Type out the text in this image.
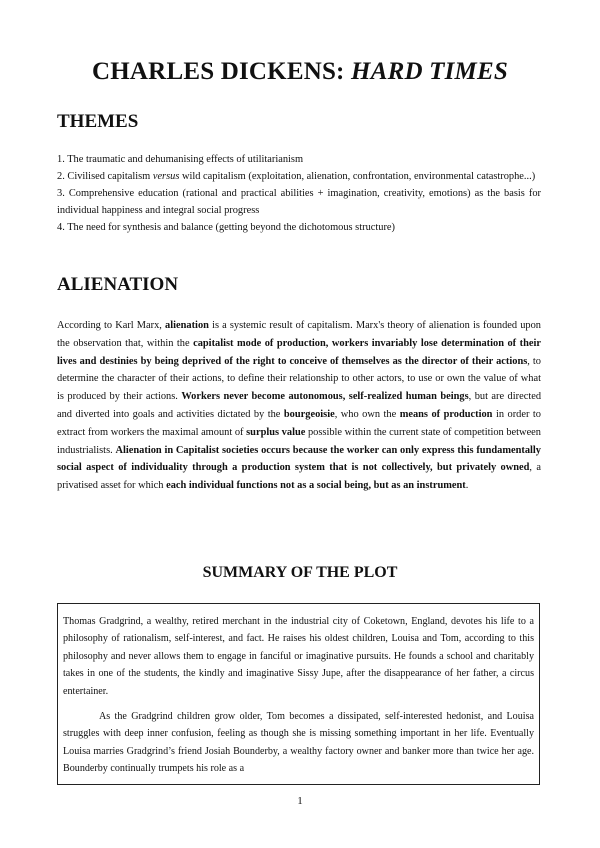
CHARLES DICKENS: HARD TIMES
THEMES
1. The traumatic and dehumanising effects of utilitarianism
2. Civilised capitalism versus wild capitalism (exploitation, alienation, confrontation, environmental catastrophe...)
3. Comprehensive education (rational and practical abilities + imagination, creativity, emotions) as the basis for individual happiness and integral social progress
4. The need for synthesis and balance (getting beyond the dichotomous structure)
ALIENATION
According to Karl Marx, alienation is a systemic result of capitalism. Marx's theory of alienation is founded upon the observation that, within the capitalist mode of production, workers invariably lose determination of their lives and destinies by being deprived of the right to conceive of themselves as the director of their actions, to determine the character of their actions, to define their relationship to other actors, to use or own the value of what is produced by their actions. Workers never become autonomous, self-realized human beings, but are directed and diverted into goals and activities dictated by the bourgeoisie, who own the means of production in order to extract from workers the maximal amount of surplus value possible within the current state of competition between industrialists. Alienation in Capitalist societies occurs because the worker can only express this fundamentally social aspect of individuality through a production system that is not collectively, but privately owned, a privatised asset for which each individual functions not as a social being, but as an instrument.
SUMMARY OF THE PLOT

Thomas Gradgrind, a wealthy, retired merchant in the industrial city of Coketown, England, devotes his life to a philosophy of rationalism, self-interest, and fact. He raises his oldest children, Louisa and Tom, according to this philosophy and never allows them to engage in fanciful or imaginative pursuits. He founds a school and charitably takes in one of the students, the kindly and imaginative Sissy Jupe, after the disappearance of her father, a circus entertainer.

As the Gradgrind children grow older, Tom becomes a dissipated, self-interested hedonist, and Louisa struggles with deep inner confusion, feeling as though she is missing something important in her life. Eventually Louisa marries Gradgrind’s friend Josiah Bounderby, a wealthy factory owner and banker more than twice her age. Bounderby continually trumpets his role as a

1
